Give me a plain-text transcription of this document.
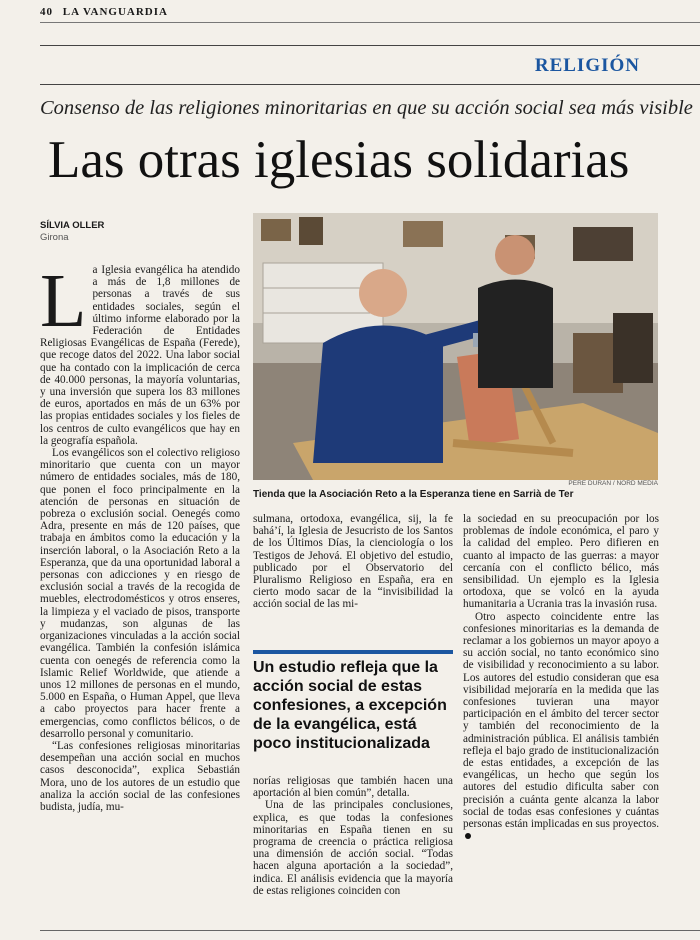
40 LA VANGUARDIA
RELIGIÓN
Consenso de las religiones minoritarias en que su acción social sea más visible
Las otras iglesias solidarias
SÍLVIA OLLER
Girona

La Iglesia evangélica ha atendido a más de 1,8 millones de personas a través de sus entidades sociales, según el último informe elaborado por la Federación de Entidades Religiosas Evangélicas de España (Ferede), que recoge datos del 2022. Una labor social que ha contado con la implicación de cerca de 40.000 personas, la mayoría voluntarias, y una inversión que supera los 83 millones de euros, aportados en más de un 63% por las propias entidades sociales y los fieles de los centros de culto evangélicos que hay en la geografía española.

Los evangélicos son el colectivo religioso minoritario que cuenta con un mayor número de entidades sociales, más de 180, que ponen el foco principalmente en la atención de personas en situación de pobreza o exclusión social. Oenegés como Adra, presente en más de 120 países, que trabaja en ámbitos como la educación y la inserción laboral, o la Asociación Reto a la Esperanza, que da una oportunidad laboral a personas con adicciones y en riesgo de exclusión social a través de la recogida de muebles, electrodomésticos y otros enseres, la limpieza y el vaciado de pisos, transporte y mudanzas, son algunas de las organizaciones vinculadas a la acción social evangélica. También la confesión islámica cuenta con oenegés de referencia como la Islamic Relief Worldwide, que atiende a unos 12 millones de personas en el mundo, 5.000 en España, o Human Appel, que lleva a cabo proyectos para hacer frente a emergencias, como conflictos bélicos, o de desarrollo personal y comunitario.

“Las confesiones religiosas minoritarias desempeñan una acción social en muchos casos desconocida”, explica Sebastián Mora, uno de los autores de un estudio que analiza la acción social de las confesiones budista, judía, mu-

PERE DURAN / NORD MEDIA
Tienda que la Asociación Reto a la Esperanza tiene en Sarrià de Ter

sulmana, ortodoxa, evangélica, sij, la fe bahá’í, la Iglesia de Jesucristo de los Santos de los Últimos Días, la cienciología o los Testigos de Jehová. El objetivo del estudio, publicado por el Observatorio del Pluralismo Religioso en España, era en cierto modo sacar de la “invisibilidad la acción social de las mi-

Un estudio refleja que la acción social de estas confesiones, a excepción de la evangélica, está poco institucionalizada

norías religiosas que también hacen una aportación al bien común”, detalla.

Una de las principales conclusiones, explica, es que todas la confesiones minoritarias en España tienen en su programa de creencia o práctica religiosa una dimensión de acción social. “Todas hacen alguna aportación a la sociedad”, indica. El análisis evidencia que la mayoría de estas religiones coinciden con

la sociedad en su preocupación por los problemas de índole económica, el paro y la calidad del empleo. Pero difieren en cuanto al impacto de las guerras: a mayor cercanía con el conflicto bélico, más sensibilidad. Un ejemplo es la Iglesia ortodoxa, que se volcó en la ayuda humanitaria a Ucrania tras la invasión rusa.

Otro aspecto coincidente entre las confesiones minoritarias es la demanda de reclamar a los gobiernos un mayor apoyo a su acción social, no tanto económico sino de visibilidad y reconocimiento a su labor. Los autores del estudio consideran que esa visibilidad mejoraría en la medida que las confesiones tuvieran una mayor participación en el ámbito del tercer sector y también del reconocimiento de la administración pública. El análisis también refleja el bajo grado de institucionalización de estas entidades, a excepción de las evangélicas, un hecho que según los autores del estudio dificulta saber con precisión a cuánta gente alcanza la labor social de todas esas confesiones y cuántas personas están implicadas en sus proyectos.
